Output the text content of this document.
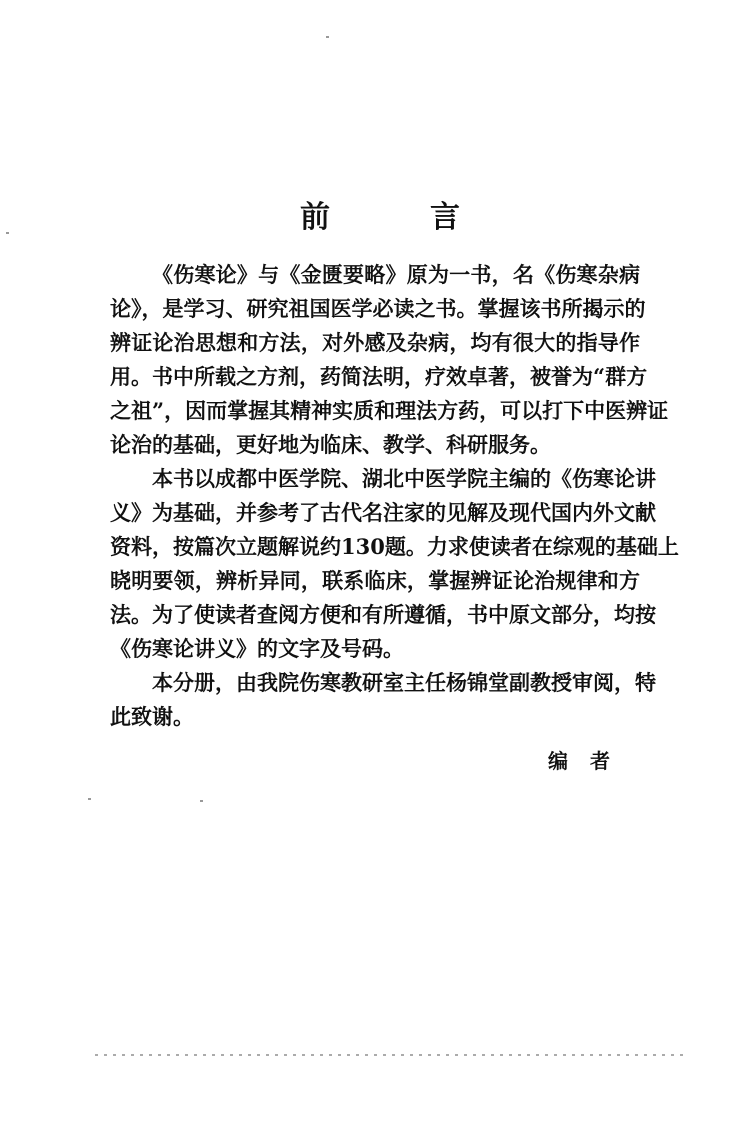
前	言
《伤寒论》与《金匮要略》原为一书，名《伤寒杂病
论》，是学习、研究祖国医学必读之书。掌握该书所揭示的
辨证论治思想和方法，对外感及杂病，均有很大的指导作
用。书中所载之方剂，药简法明，疗效卓著，被誉为“群方
之祖”，因而掌握其精神实质和理法方药，可以打下中医辨证
论治的基础，更好地为临床、教学、科研服务。
本书以成都中医学院、湖北中医学院主编的《伤寒论讲
义》为基础，并参考了古代名注家的见解及现代国内外文献
资料，按篇次立题解说约130题。力求使读者在综观的基础上
晓明要领，辨析异同，联系临床，掌握辨证论治规律和方
法。为了使读者查阅方便和有所遵循，书中原文部分，均按
《伤寒论讲义》的文字及号码。
本分册，由我院伤寒教研室主任杨锦堂副教授审阅，特
此致谢。
编 者
